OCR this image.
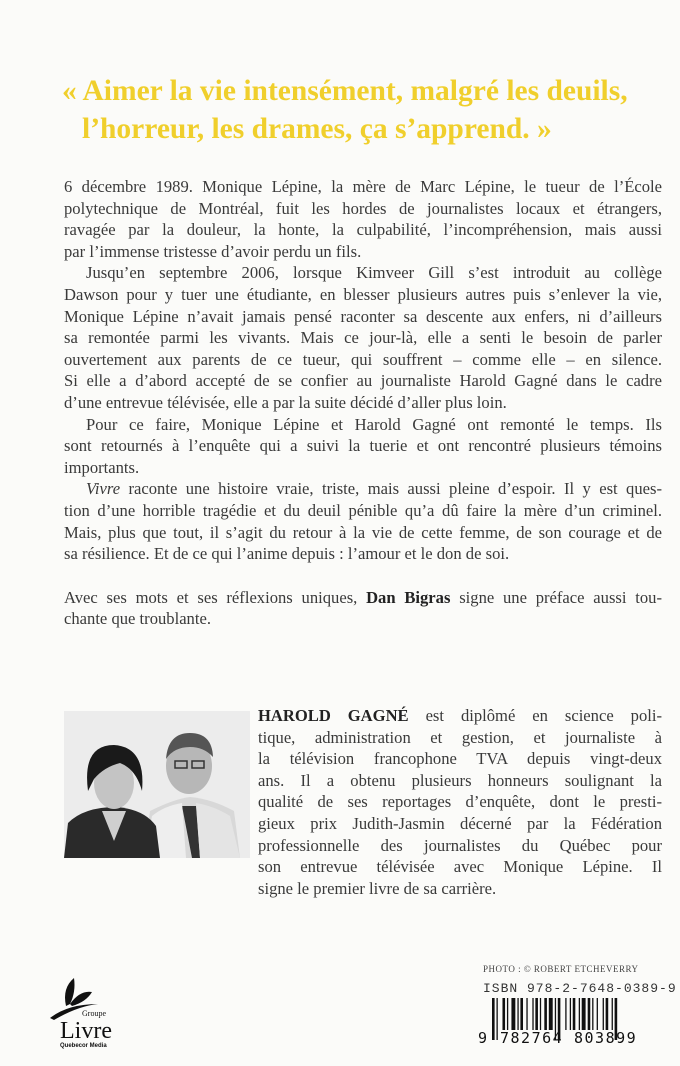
« Aimer la vie intensément, malgré les deuils,
l’horreur, les drames, ça s’apprend. »
6 décembre 1989. Monique Lépine, la mère de Marc Lépine, le tueur de l’École
polytechnique de Montréal, fuit les hordes de journalistes locaux et étrangers,
ravagée par la douleur, la honte, la culpabilité, l’incompréhension, mais aussi
par l’immense tristesse d’avoir perdu un fils.
Jusqu’en septembre 2006, lorsque Kimveer Gill s’est introduit au collège
Dawson pour y tuer une étudiante, en blesser plusieurs autres puis s’enlever la vie,
Monique Lépine n’avait jamais pensé raconter sa descente aux enfers, ni d’ailleurs
sa remontée parmi les vivants. Mais ce jour-là, elle a senti le besoin de parler
ouvertement aux parents de ce tueur, qui souffrent – comme elle – en silence.
Si elle a d’abord accepté de se confier au journaliste Harold Gagné dans le cadre
d’une entrevue télévisée, elle a par la suite décidé d’aller plus loin.
Pour ce faire, Monique Lépine et Harold Gagné ont remonté le temps. Ils
sont retournés à l’enquête qui a suivi la tuerie et ont rencontré plusieurs témoins
importants.
Vivre raconte une histoire vraie, triste, mais aussi pleine d’espoir. Il y est ques-
tion d’une horrible tragédie et du deuil pénible qu’a dû faire la mère d’un criminel.
Mais, plus que tout, il s’agit du retour à la vie de cette femme, de son courage et de
sa résilience. Et de ce qui l’anime depuis : l’amour et le don de soi.
Avec ses mots et ses réflexions uniques, Dan Bigras signe une préface aussi tou-
chante que troublante.
HAROLD GAGNÉ est diplômé en science poli-
tique, administration et gestion, et journaliste à
la télévision francophone TVA depuis vingt-deux
ans. Il a obtenu plusieurs honneurs soulignant la
qualité de ses reportages d’enquête, dont le presti-
gieux prix Judith-Jasmin décerné par la Fédération
professionnelle des journalistes du Québec pour
son entrevue télévisée avec Monique Lépine. Il
signe le premier livre de sa carrière.
Groupe
Livre
Quebecor Media
PHOTO : © ROBERT ETCHEVERRY
ISBN 978-2-7648-0389-9
9 782764 803899
